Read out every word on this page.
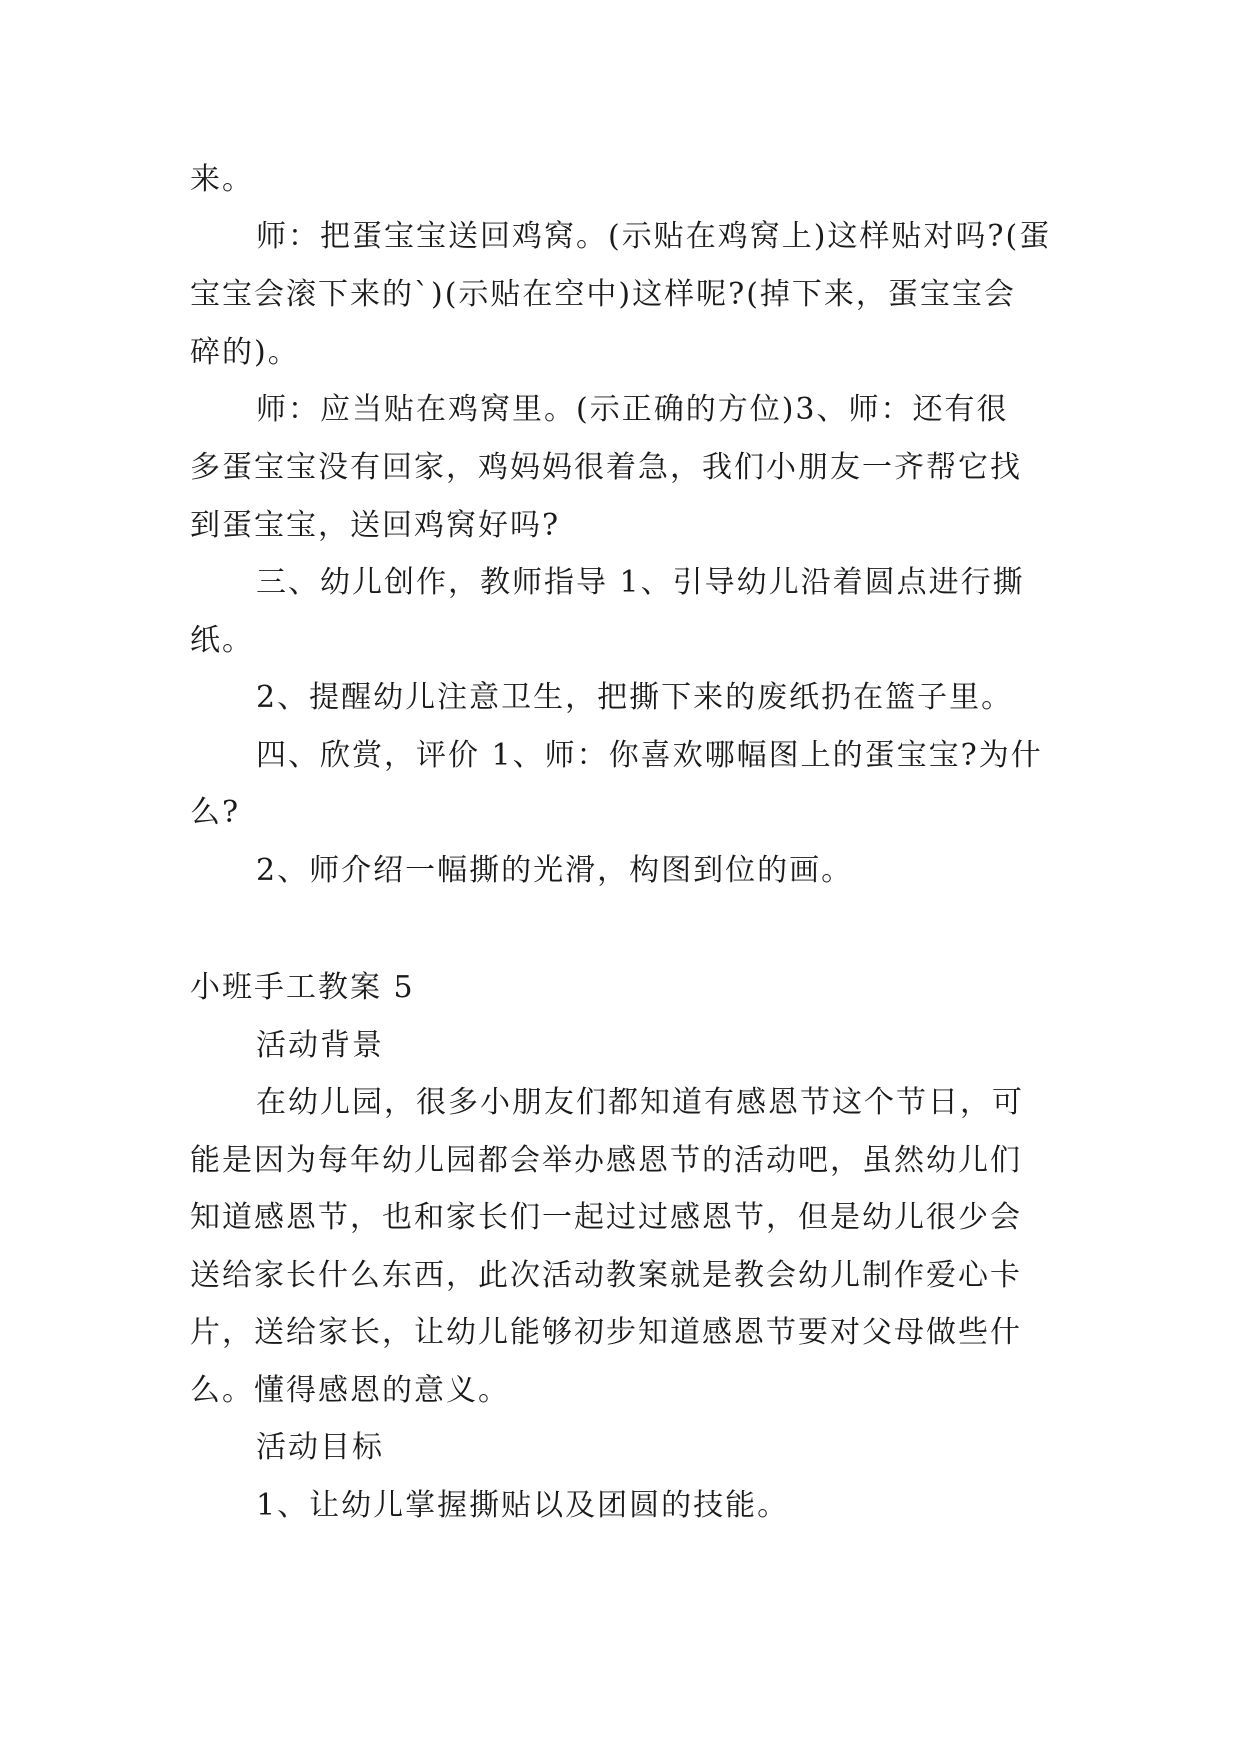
来。
师：把蛋宝宝送回鸡窝。(示贴在鸡窝上)这样贴对吗?(蛋
宝宝会滚下来的`)(示贴在空中)这样呢?(掉下来，蛋宝宝会
碎的)。
师：应当贴在鸡窝里。(示正确的方位)3、师：还有很
多蛋宝宝没有回家，鸡妈妈很着急，我们小朋友一齐帮它找
到蛋宝宝，送回鸡窝好吗?
三、幼儿创作，教师指导 1、引导幼儿沿着圆点进行撕
纸。
2、提醒幼儿注意卫生，把撕下来的废纸扔在篮子里。
四、欣赏，评价 1、师：你喜欢哪幅图上的蛋宝宝?为什
么?
2、师介绍一幅撕的光滑，构图到位的画。
小班手工教案 5
活动背景
在幼儿园，很多小朋友们都知道有感恩节这个节日，可
能是因为每年幼儿园都会举办感恩节的活动吧，虽然幼儿们
知道感恩节，也和家长们一起过过感恩节，但是幼儿很少会
送给家长什么东西，此次活动教案就是教会幼儿制作爱心卡
片，送给家长，让幼儿能够初步知道感恩节要对父母做些什
么。懂得感恩的意义。
活动目标
1、让幼儿掌握撕贴以及团圆的技能。
